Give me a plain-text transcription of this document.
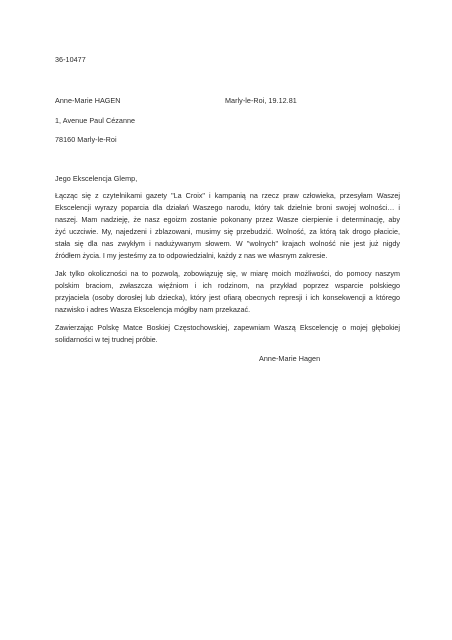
36-10477
Anne-Marie HAGEN	Marly-le-Roi, 19.12.81
1, Avenue Paul Cézanne
78160 Marly-le-Roi
Jego Ekscelencja Glemp,
Łącząc się z czytelnikami gazety "La Croix" i kampanią na rzecz praw człowieka, przesyłam Waszej
Ekscelencji wyrazy poparcia dla działań Waszego narodu, który tak dzielnie broni swojej wolności… i
naszej. Mam nadzieję, że nasz egoizm zostanie pokonany przez Wasze cierpienie i determinację, aby
żyć uczciwie. My, najedzeni i zblazowani, musimy się przebudzić. Wolność, za którą tak drogo płacicie,
stała się dla nas zwykłym i nadużywanym słowem. W "wolnych" krajach wolność nie jest już nigdy
źródłem życia. I my jesteśmy za to odpowiedzialni, każdy z nas we własnym zakresie.
Jak tylko okoliczności na to pozwolą, zobowiązuję się, w miarę moich możliwości, do pomocy naszym
polskim braciom, zwłaszcza więźniom i ich rodzinom, na przykład poprzez wsparcie polskiego
przyjaciela (osoby dorosłej lub dziecka), który jest ofiarą obecnych represji i ich konsekwencji a którego
nazwisko i adres Wasza Ekscelencja mógłby nam przekazać.
Zawierzając Polskę Matce Boskiej Częstochowskiej, zapewniam Waszą Ekscelencję o mojej głębokiej
solidarności w tej trudnej próbie.
Anne-Marie Hagen
